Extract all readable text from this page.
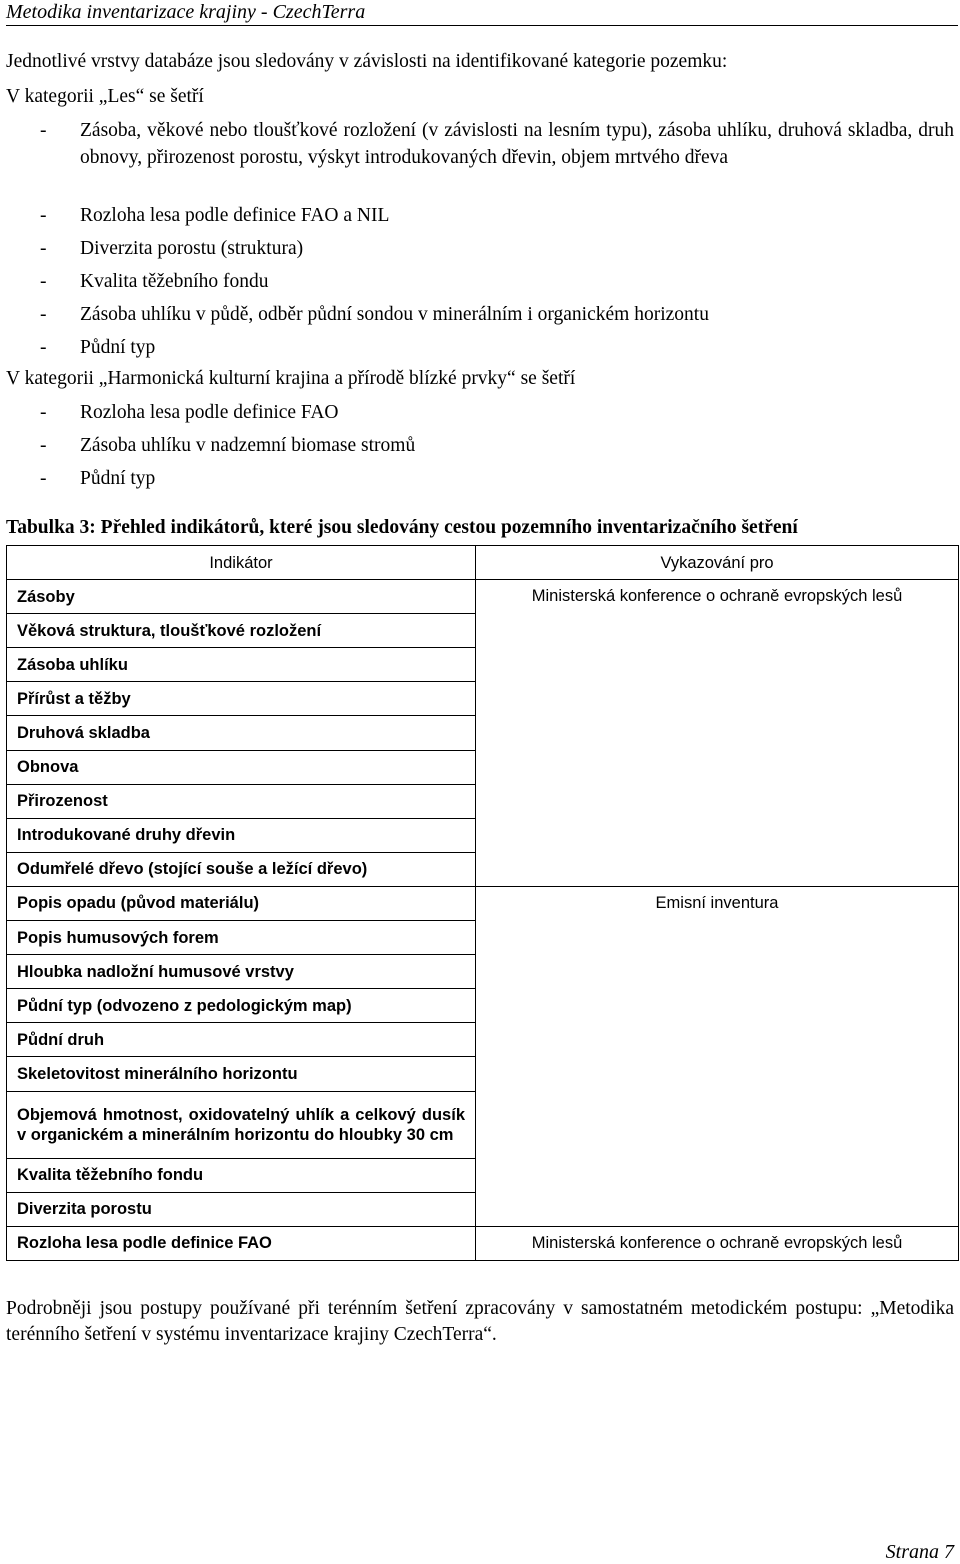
Metodika inventarizace krajiny - CzechTerra
Jednotlivé vrstvy databáze jsou sledovány v závislosti na identifikované kategorie pozemku:
V kategorii „Les“ se šetří
- Zásoba, věkové nebo tloušťkové rozložení (v závislosti na lesním typu), zásoba uhlíku, druhová skladba, druh obnovy, přirozenost porostu, výskyt introdukovaných dřevin, objem mrtvého dřeva
- Rozloha lesa podle definice FAO a NIL
- Diverzita porostu (struktura)
- Kvalita těžebního fondu
- Zásoba uhlíku v půdě, odběr půdní sondou v minerálním i organickém horizontu
- Půdní typ
V kategorii „Harmonická kulturní krajina a přírodě blízké prvky“ se šetří
- Rozloha lesa podle definice FAO
- Zásoba uhlíku v nadzemní biomase stromů
- Půdní typ
Tabulka 3: Přehled indikátorů, které jsou sledovány cestou pozemního inventarizačního šetření
Indikátor	Vykazování pro
Zásoby	Ministerská konference o ochraně evropských lesů
Věková struktura, tloušťkové rozložení	
Zásoba uhlíku	
Přírůst a těžby	
Druhová skladba	
Obnova	
Přirozenost	
Introdukované druhy dřevin	
Odumřelé dřevo (stojící souše a ležící dřevo)	
Popis opadu (původ materiálu)	Emisní inventura
Popis humusových forem	
Hloubka nadložní humusové vrstvy	
Půdní typ (odvozeno z pedologickým map)	
Půdní druh	
Skeletovitost minerálního horizontu	
Objemová hmotnost, oxidovatelný uhlík a celkový dusík v organickém a minerálním horizontu do hloubky 30 cm	
Kvalita těžebního fondu	
Diverzita porostu	
Rozloha lesa podle definice FAO	Ministerská konference o ochraně evropských lesů
Podrobněji jsou postupy používané při terénním šetření zpracovány v samostatném metodickém postupu: „Metodika terénního šetření v systému inventarizace krajiny CzechTerra“.
Strana 7
